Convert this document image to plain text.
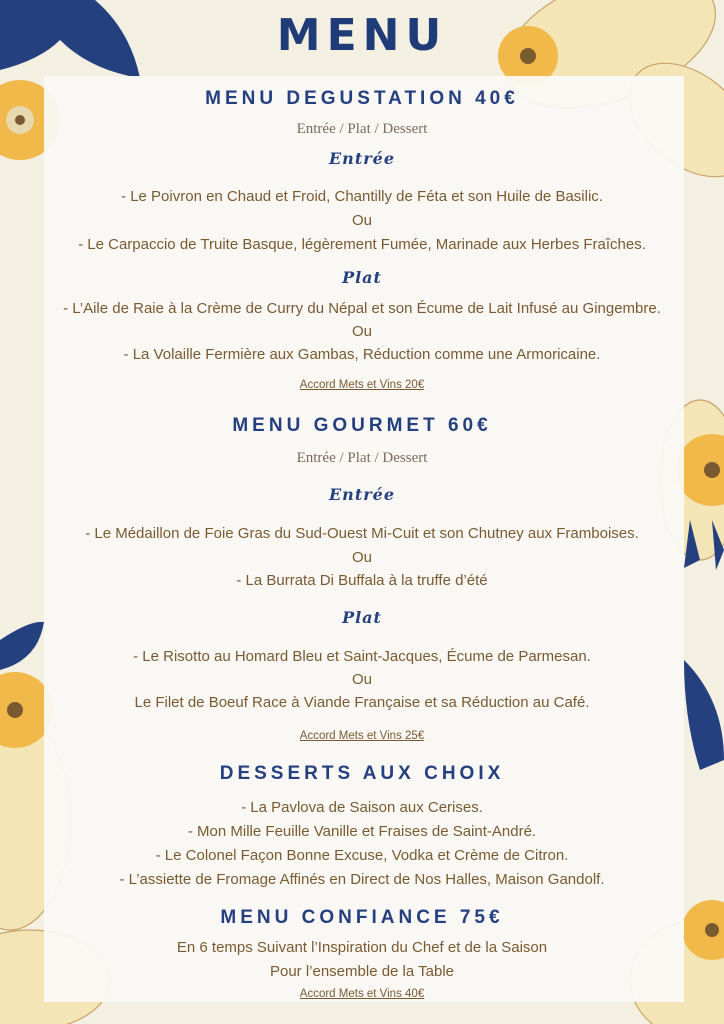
MENU
MENU DEGUSTATION 40€
Entrée / Plat / Dessert
Entrée
- Le Poivron en Chaud et Froid, Chantilly de Féta et son Huile de Basilic.
Ou
- Le Carpaccio de Truite Basque, légèrement Fumée, Marinade aux Herbes Fraîches.
Plat
- L’Aile de Raie à la Crème de Curry du Népal et son Écume de Lait Infusé au Gingembre.
Ou
- La Volaille Fermière aux Gambas, Réduction comme une Armoricaine.
Accord Mets et Vins 20€
MENU GOURMET 60€
Entrée / Plat / Dessert
Entrée
- Le Médaillon de Foie Gras du Sud-Ouest Mi-Cuit et son Chutney aux Framboises.
Ou
- La Burrata Di Buffala à la truffe d’été
Plat
- Le Risotto au Homard Bleu et Saint-Jacques, Écume de Parmesan.
Ou
Le Filet de Boeuf Race à Viande Française et sa Réduction au Café.
Accord Mets et Vins 25€
DESSERTS AUX CHOIX
- La Pavlova de Saison aux Cerises.
- Mon Mille Feuille Vanille et Fraises de Saint-André.
- Le Colonel Façon Bonne Excuse, Vodka et Crème de Citron.
- L’assiette de Fromage Affinés en Direct de Nos Halles, Maison Gandolf.
MENU CONFIANCE 75€
En 6 temps Suivant l’Inspiration du Chef et de la Saison
Pour l’ensemble de la Table
Accord Mets et Vins 40€
